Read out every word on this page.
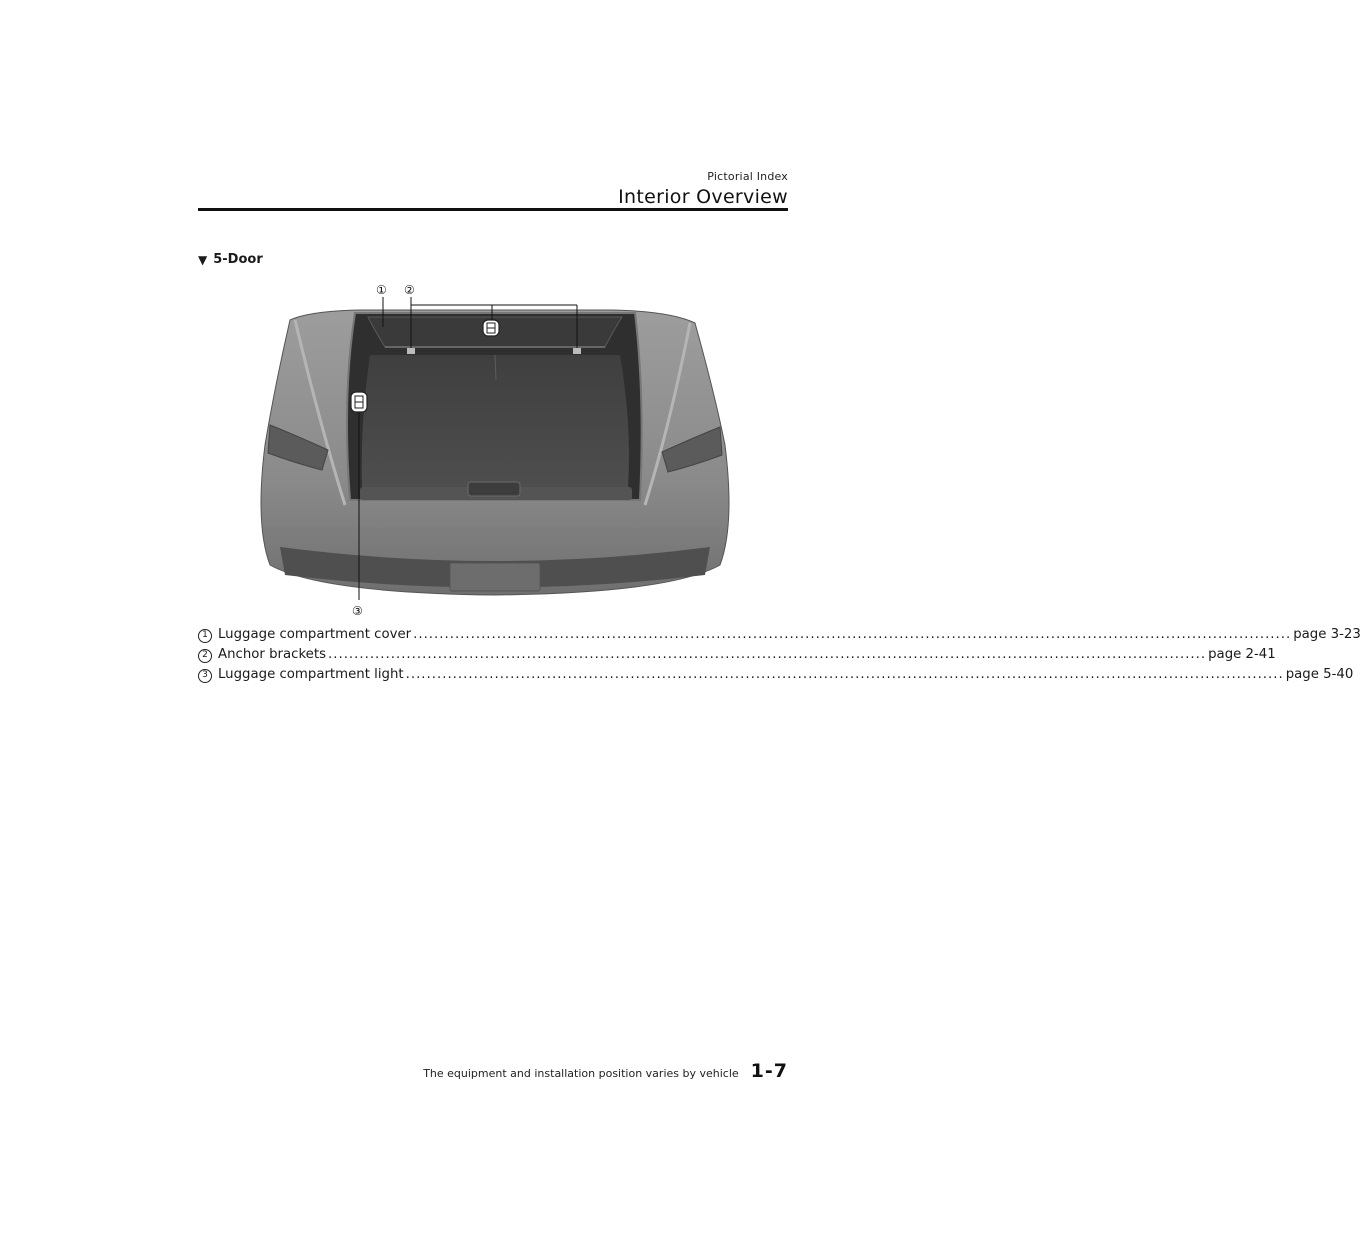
Pictorial Index
Interior Overview
▼ 5-Door
① ②
③
1 Luggage compartment cover .....	page 3-23
2 Anchor brackets .....	page 2-41
3 Luggage compartment light .....	page 5-40
The equipment and installation position varies by vehicle 1-7
